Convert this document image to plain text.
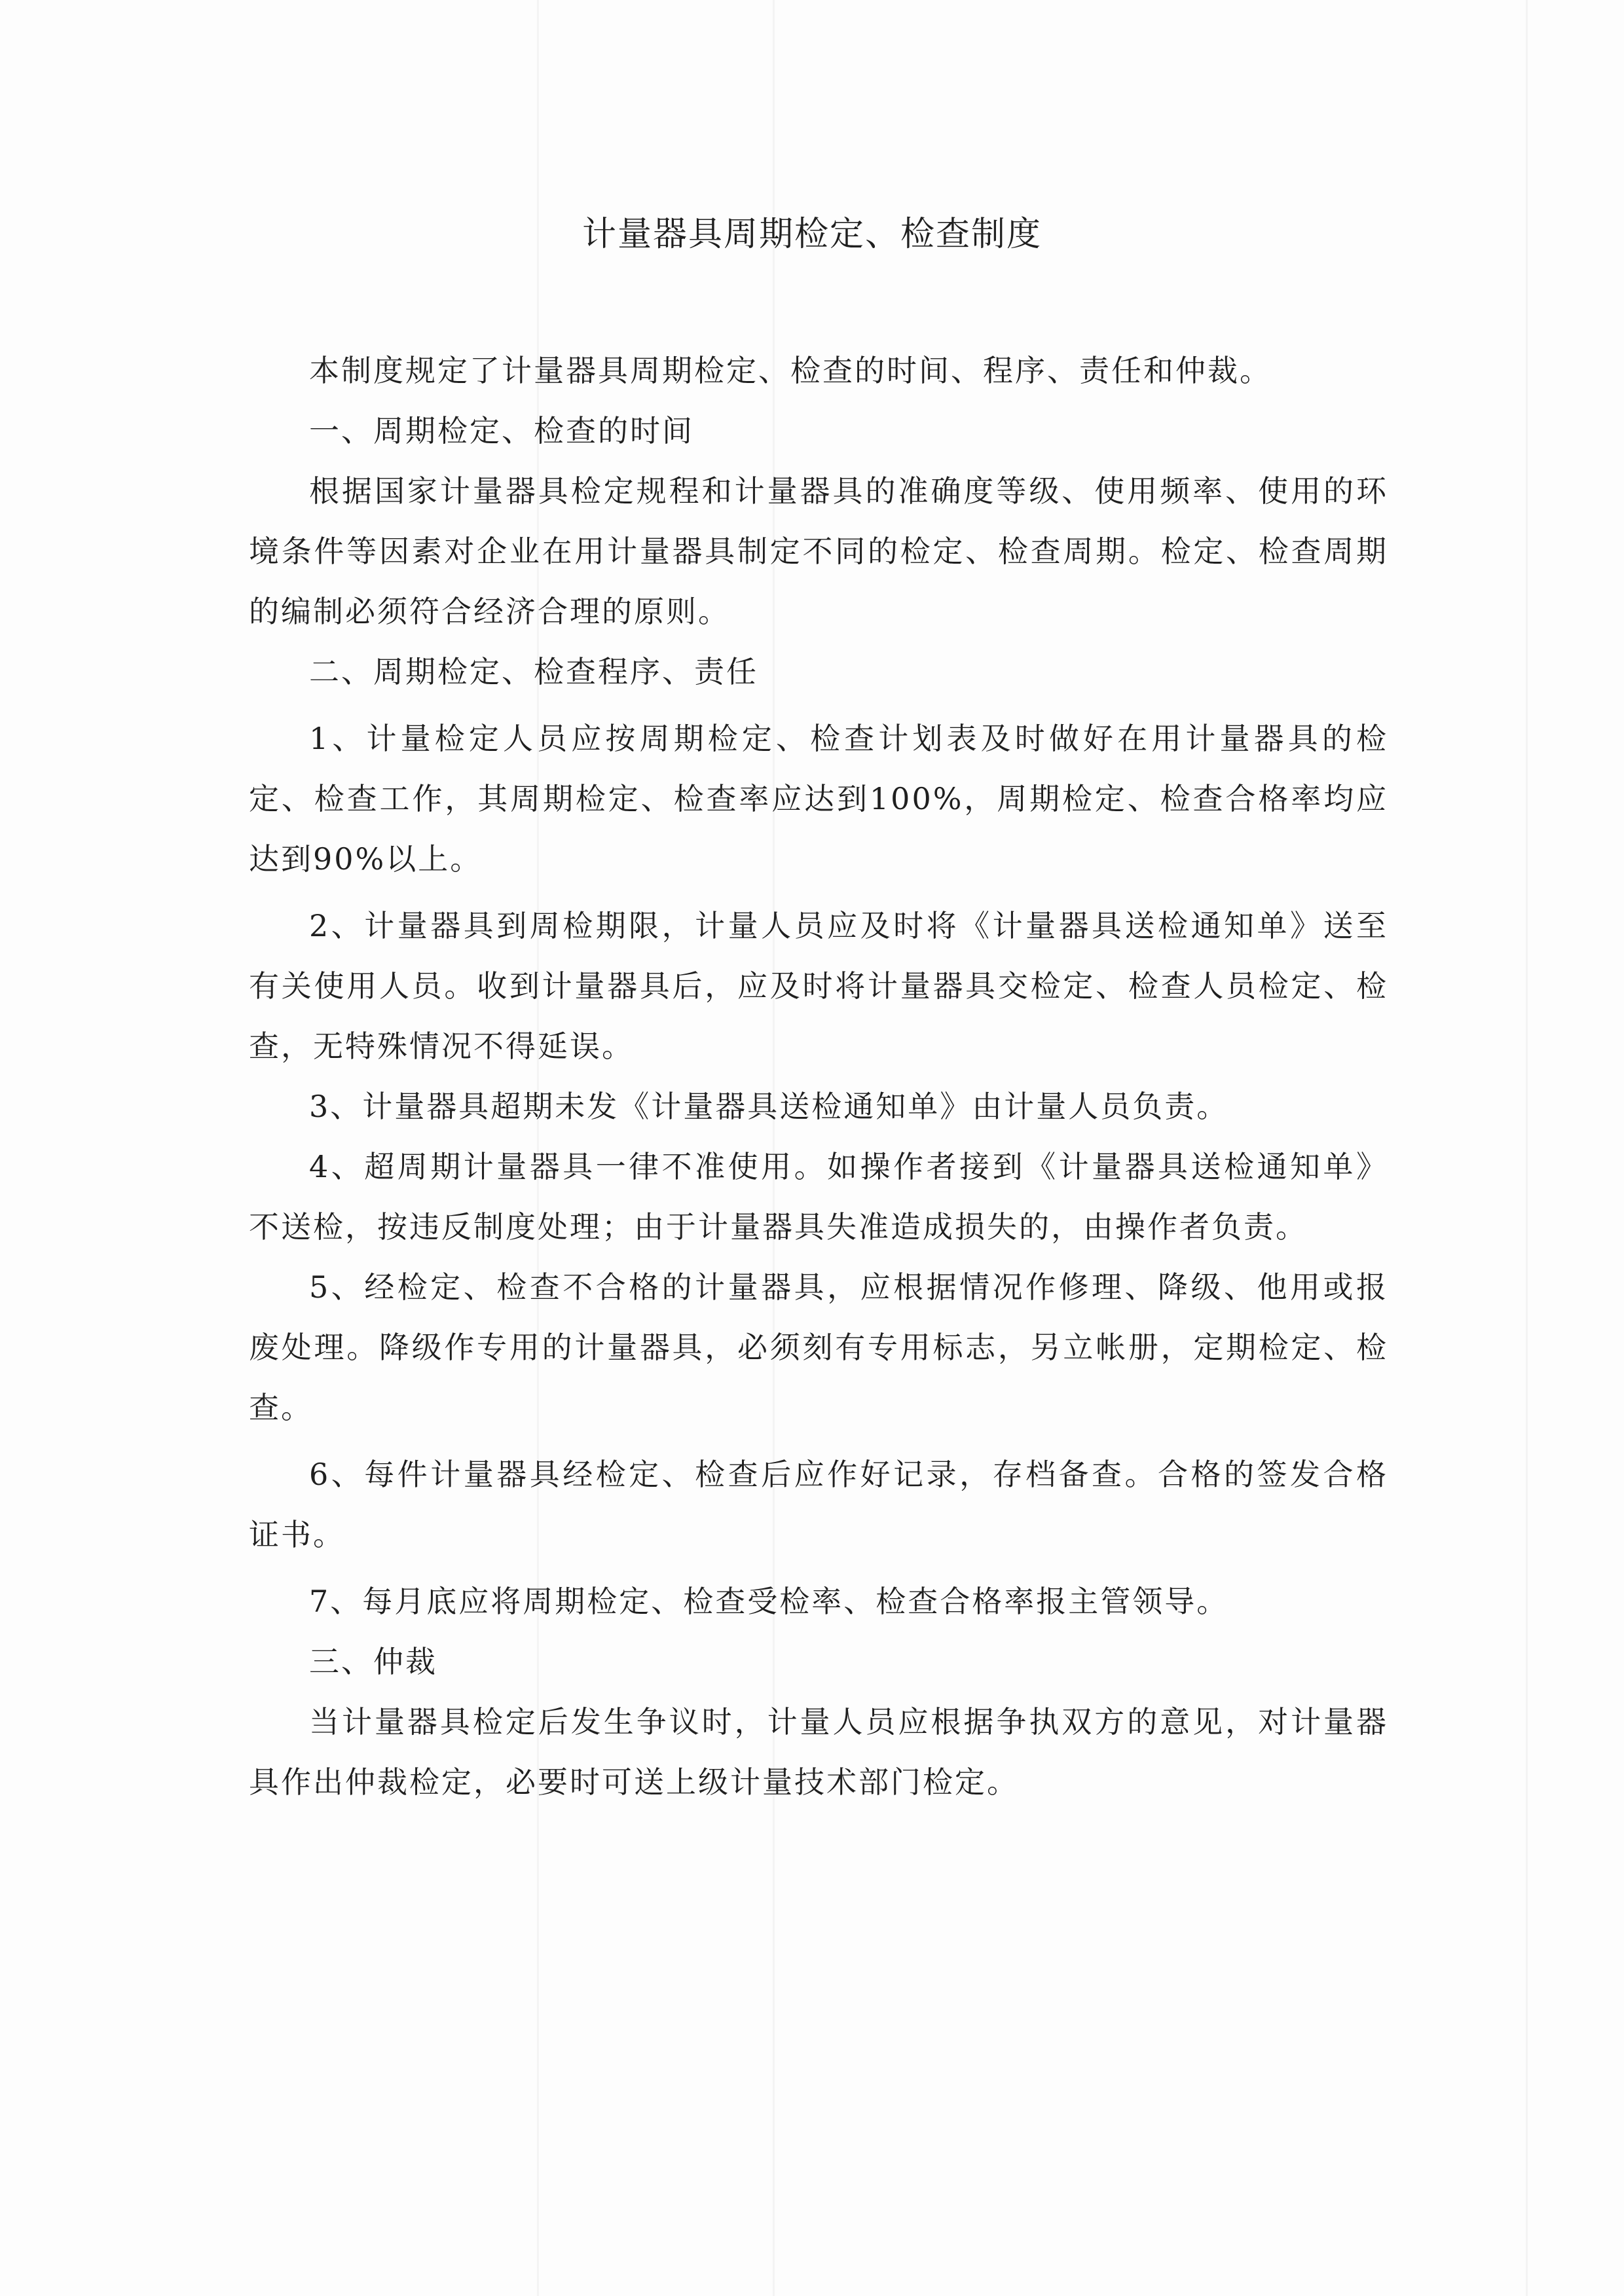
计量器具周期检定、检查制度

本制度规定了计量器具周期检定、检查的时间、程序、责任和仲裁。

一、周期检定、检查的时间

根据国家计量器具检定规程和计量器具的准确度等级、使用频率、使用的环境条件等因素对企业在用计量器具制定不同的检定、检查周期。检定、检查周期的编制必须符合经济合理的原则。

二、周期检定、检查程序、责任

1、计量检定人员应按周期检定、检查计划表及时做好在用计量器具的检定、检查工作，其周期检定、检查率应达到100%，周期检定、检查合格率均应达到90%以上。

2、计量器具到周检期限，计量人员应及时将《计量器具送检通知单》送至有关使用人员。收到计量器具后，应及时将计量器具交检定、检查人员检定、检查，无特殊情况不得延误。

3、计量器具超期未发《计量器具送检通知单》由计量人员负责。

4、超周期计量器具一律不准使用。如操作者接到《计量器具送检通知单》不送检，按违反制度处理；由于计量器具失准造成损失的，由操作者负责。

5、经检定、检查不合格的计量器具，应根据情况作修理、降级、他用或报废处理。降级作专用的计量器具，必须刻有专用标志，另立帐册，定期检定、检查。

6、每件计量器具经检定、检查后应作好记录，存档备查。合格的签发合格证书。

7、每月底应将周期检定、检查受检率、检查合格率报主管领导。

三、仲裁

当计量器具检定后发生争议时，计量人员应根据争执双方的意见，对计量器具作出仲裁检定，必要时可送上级计量技术部门检定。
